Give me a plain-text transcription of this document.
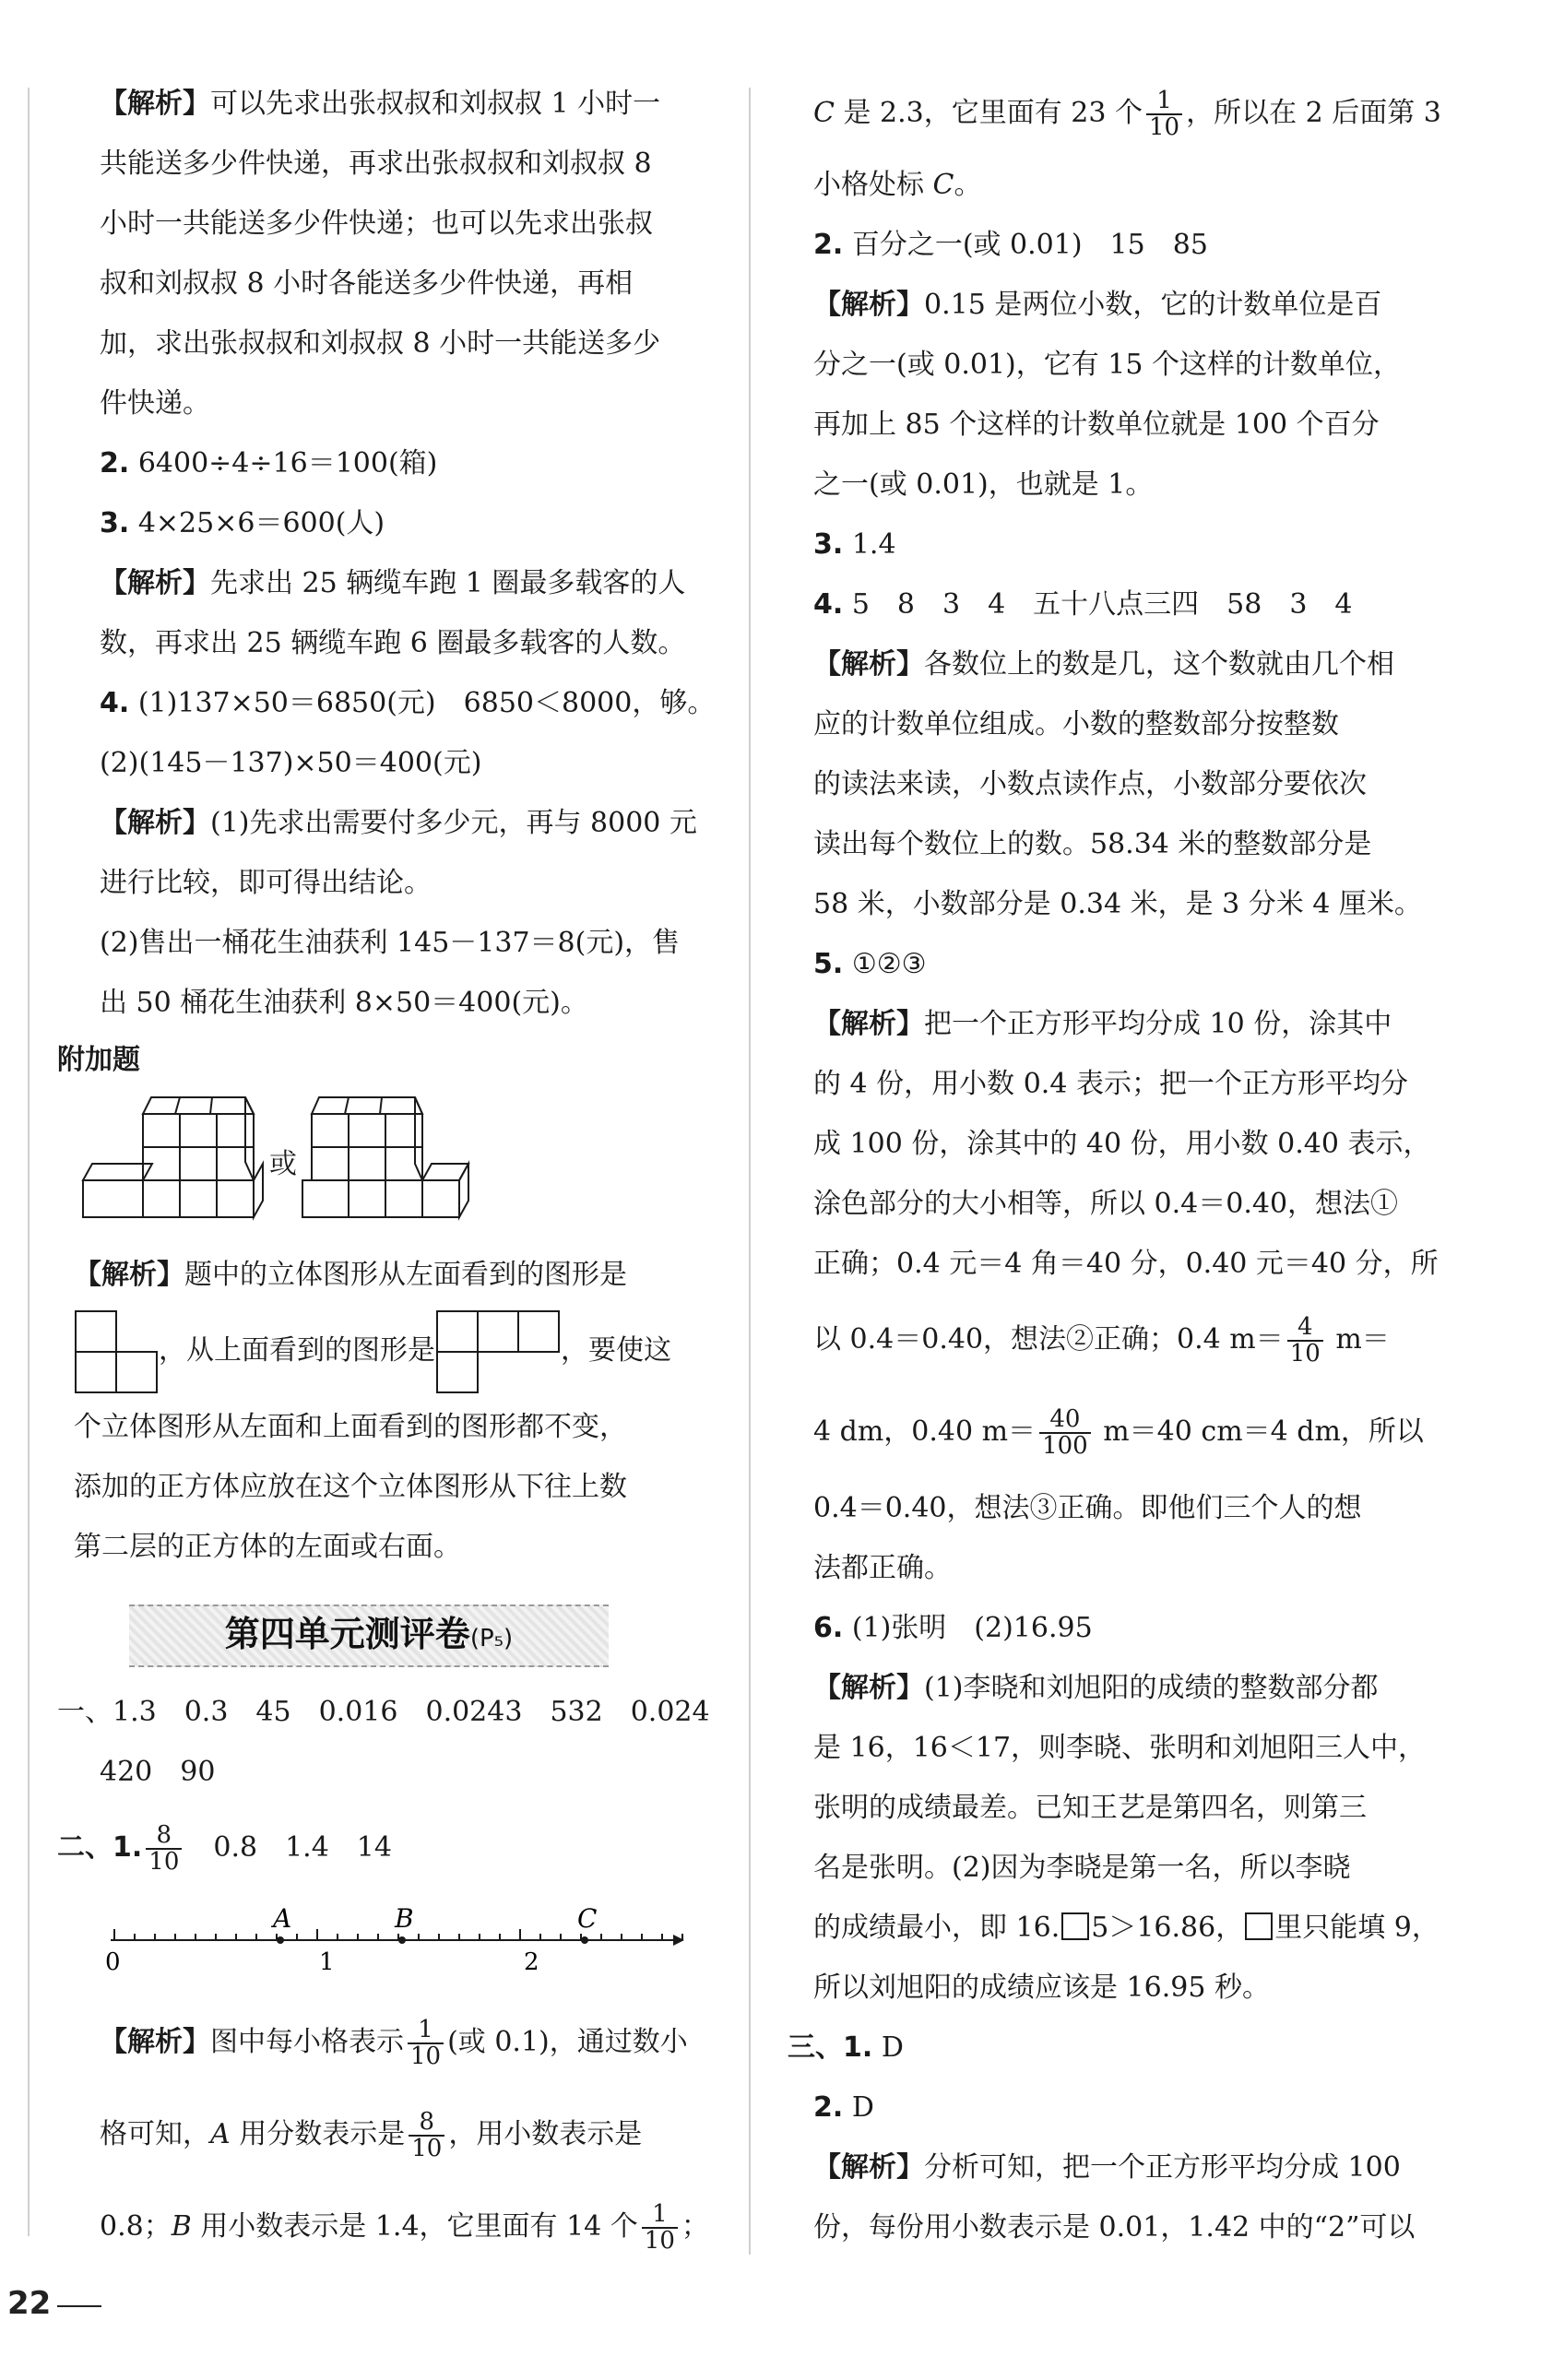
【解析】可以先求出张叔叔和刘叔叔 1 小时一
共能送多少件快递，再求出张叔叔和刘叔叔 8
小时一共能送多少件快递；也可以先求出张叔
叔和刘叔叔 8 小时各能送多少件快递，再相
加，求出张叔叔和刘叔叔 8 小时一共能送多少
件快递。
2. 6400÷4÷16＝100(箱)
3. 4×25×6＝600(人)
【解析】先求出 25 辆缆车跑 1 圈最多载客的人
数，再求出 25 辆缆车跑 6 圈最多载客的人数。
4. (1)137×50＝6850(元)　6850＜8000，够。
(2)(145－137)×50＝400(元)
【解析】(1)先求出需要付多少元，再与 8000 元
进行比较，即可得出结论。
(2)售出一桶花生油获利 145－137＝8(元)，售
出 50 桶花生油获利 8×50＝400(元)。
附加题
或
【解析】题中的立体图形从左面看到的图形是
，从上面看到的图形是	，要使这
个立体图形从左面和上面看到的图形都不变，
添加的正方体应放在这个立体图形从下往上数
第二层的正方体的左面或右面。
第四单元测评卷(P₅)
一、1.3　0.3　45　0.016　0.0243　532　0.024
420　90
二、1. $\frac{8}{10}$ 　0.8　1.4　14
A	B	C
0	1	2
【解析】图中每小格表示 $\frac{1}{10}$ (或 0.1)，通过数小
格可知，A 用分数表示是 $\frac{8}{10}$ ，用小数表示是
0.8；B 用小数表示是 1.4，它里面有 14 个 $\frac{1}{10}$ ；
C 是 2.3，它里面有 23 个 $\frac{1}{10}$ ，所以在 2 后面第 3
小格处标 C。
2. 百分之一(或 0.01)　15　85
【解析】0.15 是两位小数，它的计数单位是百
分之一(或 0.01)，它有 15 个这样的计数单位，
再加上 85 个这样的计数单位就是 100 个百分
之一(或 0.01)，也就是 1。
3. 1.4
4. 5　8　3　4　五十八点三四　58　3　4
【解析】各数位上的数是几，这个数就由几个相
应的计数单位组成。小数的整数部分按整数
的读法来读，小数点读作点，小数部分要依次
读出每个数位上的数。58.34 米的整数部分是
58 米，小数部分是 0.34 米，是 3 分米 4 厘米。
5. ①②③
【解析】把一个正方形平均分成 10 份，涂其中
的 4 份，用小数 0.4 表示；把一个正方形平均分
成 100 份，涂其中的 40 份，用小数 0.40 表示，
涂色部分的大小相等，所以 0.4＝0.40，想法①
正确；0.4 元＝4 角＝40 分，0.40 元＝40 分，所
以 0.4＝0.40，想法②正确；0.4 $m= \frac{4}{10} m=$
4 dm，0.40 $m= \frac{40}{100} m=40$ cm＝4 dm，所以
0.4＝0.40，想法③正确。即他们三个人的想
法都正确。
6. (1)张明　(2)16.95
【解析】(1)李晓和刘旭阳的成绩的整数部分都
是 16，16＜17，则李晓、张明和刘旭阳三人中，
张明的成绩最差。已知王艺是第四名，则第三
名是张明。(2)因为李晓是第一名，所以李晓
的成绩最小，即 16. 5＞16.86， 里只能填 9，
所以刘旭阳的成绩应该是 16.95 秒。
三、1. D
2. D
【解析】分析可知，把一个正方形平均分成 100
份，每份用小数表示是 0.01，1.42 中的“2”可以
22
